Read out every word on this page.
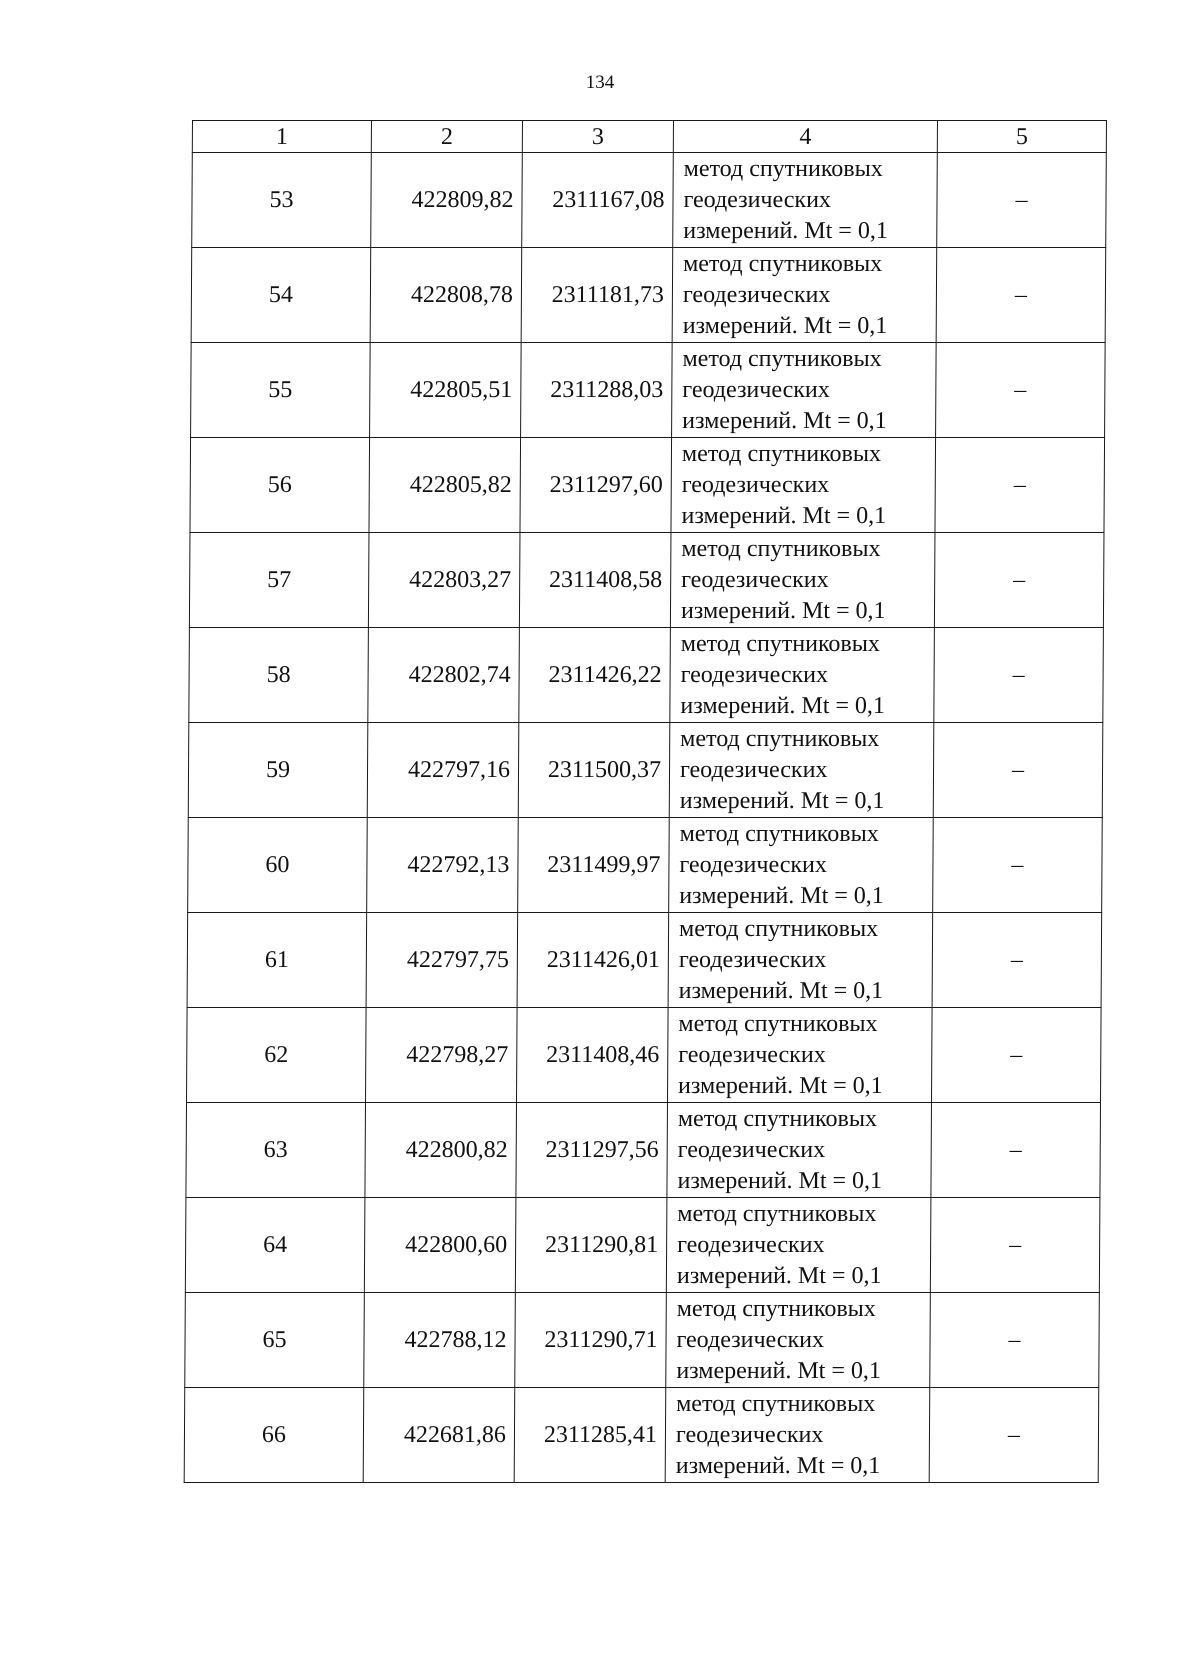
134
1	2	3	4	5
53	422809,82	2311167,08	метод спутниковых
геодезических
измерений. Mt = 0,1	–
54	422808,78	2311181,73	метод спутниковых
геодезических
измерений. Mt = 0,1	–
55	422805,51	2311288,03	метод спутниковых
геодезических
измерений. Mt = 0,1	–
56	422805,82	2311297,60	метод спутниковых
геодезических
измерений. Mt = 0,1	–
57	422803,27	2311408,58	метод спутниковых
геодезических
измерений. Mt = 0,1	–
58	422802,74	2311426,22	метод спутниковых
геодезических
измерений. Mt = 0,1	–
59	422797,16	2311500,37	метод спутниковых
геодезических
измерений. Mt = 0,1	–
60	422792,13	2311499,97	метод спутниковых
геодезических
измерений. Mt = 0,1	–
61	422797,75	2311426,01	метод спутниковых
геодезических
измерений. Mt = 0,1	–
62	422798,27	2311408,46	метод спутниковых
геодезических
измерений. Mt = 0,1	–
63	422800,82	2311297,56	метод спутниковых
геодезических
измерений. Mt = 0,1	–
64	422800,60	2311290,81	метод спутниковых
геодезических
измерений. Mt = 0,1	–
65	422788,12	2311290,71	метод спутниковых
геодезических
измерений. Mt = 0,1	–
66	422681,86	2311285,41	метод спутниковых
геодезических
измерений. Mt = 0,1	–
